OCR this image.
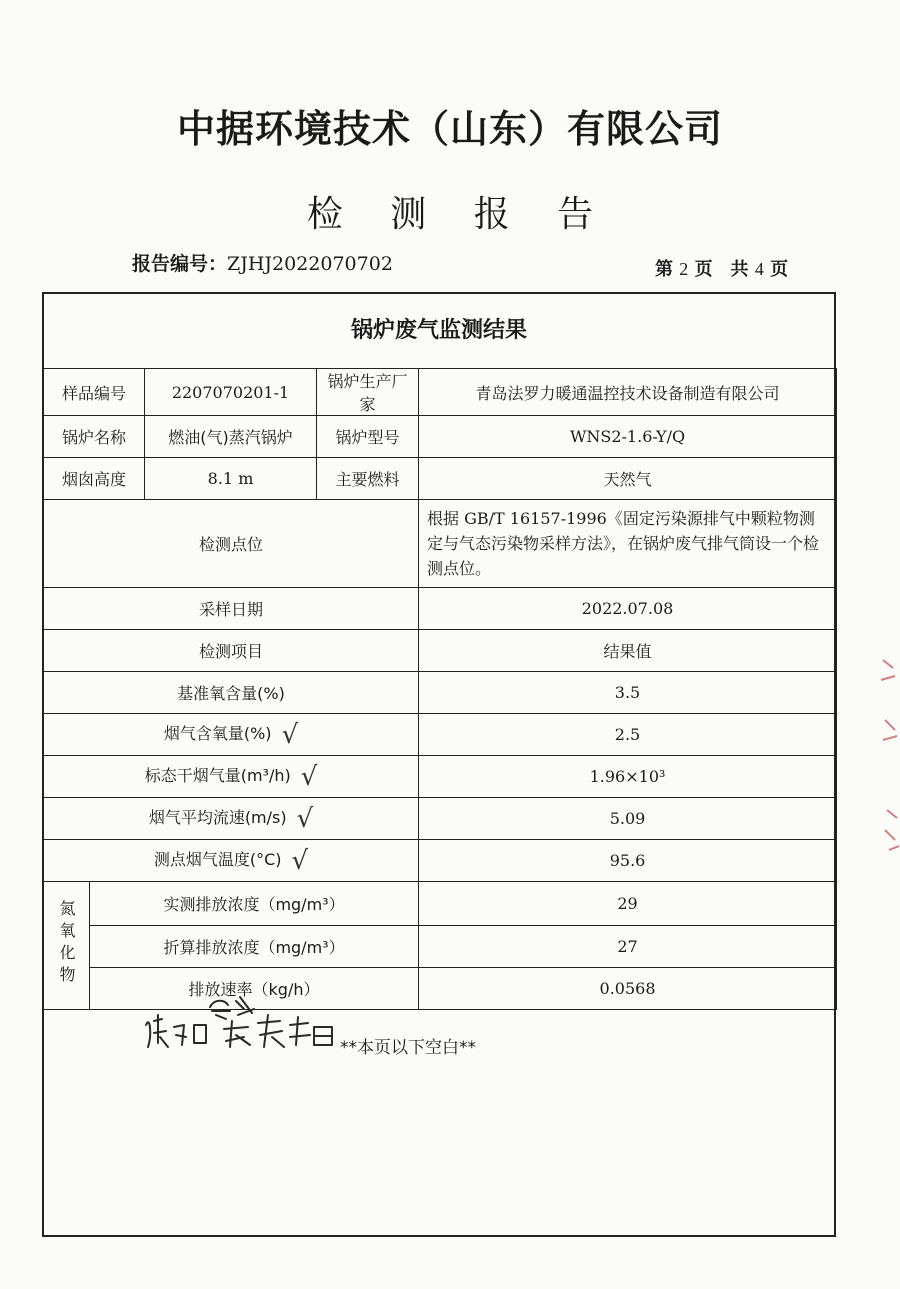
中据环境技术（山东）有限公司
检 测 报 告
报告编号：ZJHJ2022070702	第 2 页　共 4 页
锅炉废气监测结果
样品编号		2207070201-1	锅炉生产厂家	青岛法罗力暖通温控技术设备制造有限公司
锅炉名称		燃油(气)蒸汽锅炉	锅炉型号	WNS2-1.6-Y/Q
烟囱高度		8.1 m	主要燃料	天然气
检测点位				根据 GB/T 16157-1996《固定污染源排气中颗粒物测定与气态污染物采样方法》，在锅炉废气排气筒设一个检测点位。
采样日期				2022.07.08
检测项目				结果值
基准氧含量(%)				3.5
烟气含氧量(%) √				2.5
标态干烟气量(m³/h) √				1.96×10³
烟气平均流速(m/s) √				5.09
测点烟气温度(°C) √				95.6
氮氧化物	实测排放浓度（mg/m³）			29
	折算排放浓度（mg/m³）			27
	排放速率（kg/h）			0.0568
**本页以下空白**
